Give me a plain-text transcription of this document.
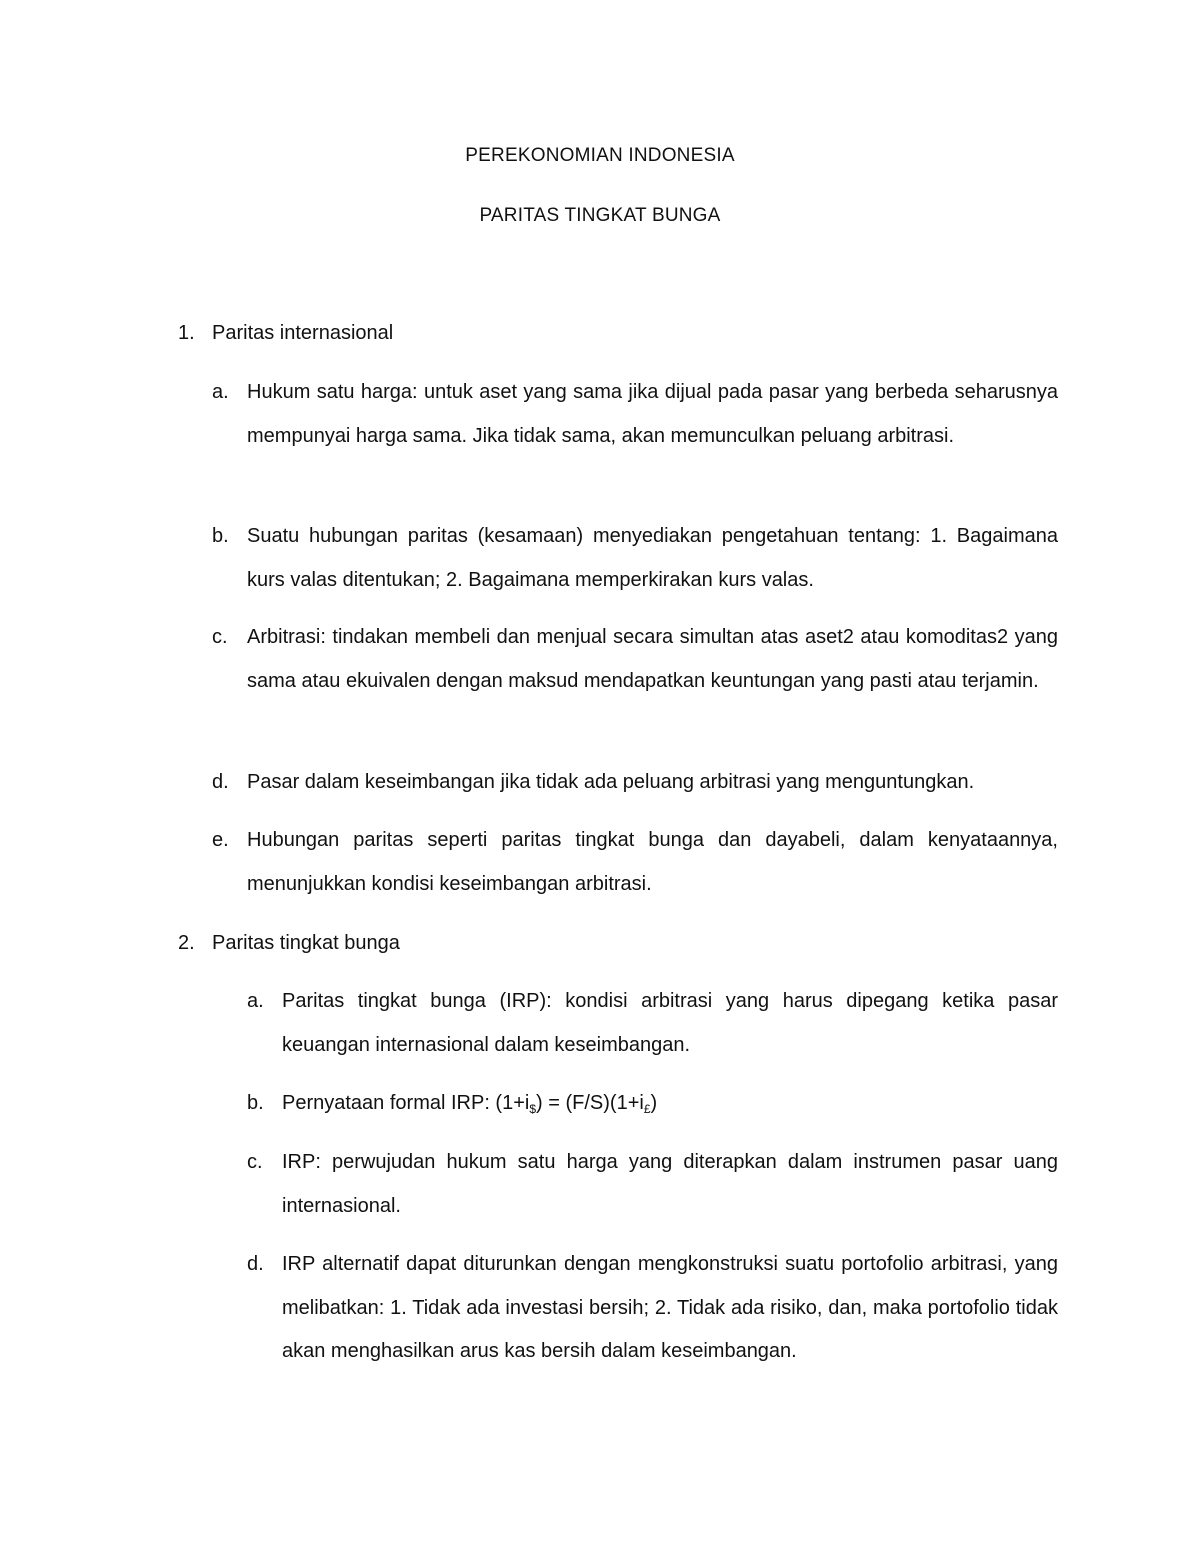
PEREKONOMIAN INDONESIA
PARITAS TINGKAT BUNGA
1. Paritas internasional
a. Hukum satu harga: untuk aset yang sama jika dijual pada pasar yang berbeda seharusnya mempunyai harga sama. Jika tidak sama, akan memunculkan peluang arbitrasi.
b. Suatu hubungan paritas (kesamaan) menyediakan pengetahuan tentang: 1. Bagaimana kurs valas ditentukan; 2. Bagaimana memperkirakan kurs valas.
c. Arbitrasi: tindakan membeli dan menjual secara simultan atas aset2 atau komoditas2 yang sama atau ekuivalen dengan maksud mendapatkan keuntungan yang pasti atau terjamin.
d. Pasar dalam keseimbangan jika tidak ada peluang arbitrasi yang menguntungkan.
e. Hubungan paritas seperti paritas tingkat bunga dan dayabeli, dalam kenyataannya, menunjukkan kondisi keseimbangan arbitrasi.
2. Paritas tingkat bunga
a. Paritas tingkat bunga (IRP): kondisi arbitrasi yang harus dipegang ketika pasar keuangan internasional dalam keseimbangan.
b. Pernyataan formal IRP: $(1+i_{\$}) = (F/S)(1+i_£)$
c. IRP: perwujudan hukum satu harga yang diterapkan dalam instrumen pasar uang internasional.
d. IRP alternatif dapat diturunkan dengan mengkonstruksi suatu portofolio arbitrasi, yang melibatkan: 1. Tidak ada investasi bersih; 2. Tidak ada risiko, dan, maka portofolio tidak akan menghasilkan arus kas bersih dalam keseimbangan.
